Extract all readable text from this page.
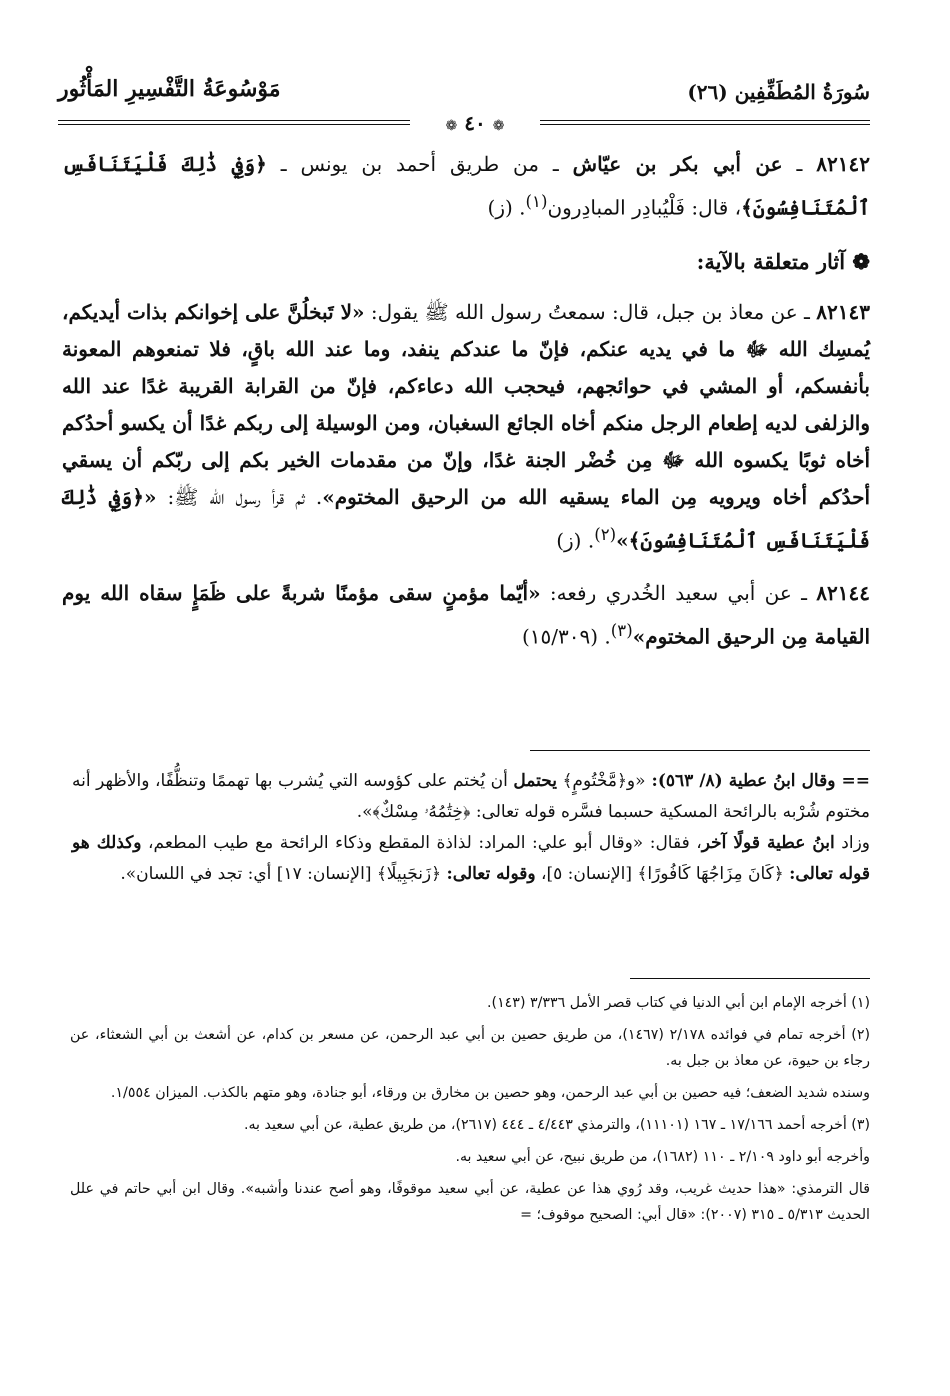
سُورَةُ المُطَفِّفِين (٢٦)
مَوْسُوعَةُ التَّفْسِيرِ المَأْثُور
❁ ٤٠ ❁

٨٢١٤٢ ـ عن أبي بكر بن عيّاش ـ من طريق أحمد بن يونس ـ ﴿وَفِي ذَٰلِكَ فَلْيَتَنَافَسِ ٱلْمُتَنَافِسُونَ﴾، قال: فَلْيُبادِر المبادِرون$^{(١)}$. (ز)

❁ آثار متعلقة بالآية:

٨٢١٤٣ ـ عن معاذ بن جبل، قال: سمعتُ رسول الله ﷺ يقول: «لا تَبخلُنَّ على إخوانكم بذات أيديكم، يُمسِك الله ﷻ ما في يديه عنكم، فإنّ ما عندكم ينفد، وما عند الله باقٍ، فلا تمنعوهم المعونة بأنفسكم، أو المشي في حوائجهم، فيحجب الله دعاءكم، فإنّ من القرابة القريبة غدًا عند الله والزلفى لديه إطعام الرجل منكم أخاه الجائع السغبان، ومن الوسيلة إلى ربكم غدًا أن يكسو أحدُكم أخاه ثوبًا يكسوه الله ﷻ مِن خُضْر الجنة غدًا، وإنّ من مقدمات الخير بكم إلى ربّكم أن يسقي أحدُكم أخاه ويرويه مِن الماء يسقيه الله من الرحيق المختوم». ثم قرأ رسول الله ﷺ: «﴿وَفِي ذَٰلِكَ فَلْيَتَنَافَسِ ٱلْمُتَنَافِسُونَ﴾»$^{(٢)}$. (ز)

٨٢١٤٤ ـ عن أبي سعيد الخُدري رفعه: «أيّما مؤمنٍ سقى مؤمنًا شربةً على ظَمَإٍ سقاه الله يوم القيامة مِن الرحيق المختوم»$^{(٣)}$. (١٥/٣٠٩)

== وقال ابنُ عطية (٨/ ٥٦٣): «و﴿مَّخْتُومٍ﴾ يحتمل أن يُختم على كؤوسه التي يُشرب بها تهممًا وتنظُّفًا، والأظهر أنه مختوم شُرْبه بالرائحة المسكية حسبما فسَّره قوله تعالى: ﴿خِتَٰمُهُۥ مِسْكٌ﴾».

وزاد ابنُ عطية قولًا آخر، فقال: «وقال أبو علي: المراد: لذاذة المقطع وذكاء الرائحة مع طيب المطعم، وكذلك هو قوله تعالى: ﴿كَانَ مِزَاجُهَا كَافُورًا﴾ [الإنسان: ٥]، وقوله تعالى: ﴿زَنجَبِيلًا﴾ [الإنسان: ١٧] أي: تجد في اللسان».

(١) أخرجه الإمام ابن أبي الدنيا في كتاب قصر الأمل ٣/٣٣٦ (١٤٣).

(٢) أخرجه تمام في فوائده ٢/١٧٨ (١٤٦٧)، من طريق حصين بن أبي عبد الرحمن، عن مسعر بن كدام، عن أشعث بن أبي الشعثاء، عن رجاء بن حيوة، عن معاذ بن جبل به.

وسنده شديد الضعف؛ فيه حصين بن أبي عبد الرحمن، وهو حصين بن مخارق بن ورقاء، أبو جنادة، وهو متهم بالكذب. الميزان ١/٥٥٤.

(٣) أخرجه أحمد ١٧/١٦٦ ـ ١٦٧ (١١١٠١)، والترمذي ٤/٤٤٣ ـ ٤٤٤ (٢٦١٧)، من طريق عطية، عن أبي سعيد به.

وأخرجه أبو داود ٢/١٠٩ ـ ١١٠ (١٦٨٢)، من طريق نبيح، عن أبي سعيد به.

قال الترمذي: «هذا حديث غريب، وقد رُوي هذا عن عطية، عن أبي سعيد موقوفًا، وهو أصح عندنا وأشبه». وقال ابن أبي حاتم في علل الحديث ٥/٣١٣ ـ ٣١٥ (٢٠٠٧): «قال أبي: الصحيح موقوف؛ =
